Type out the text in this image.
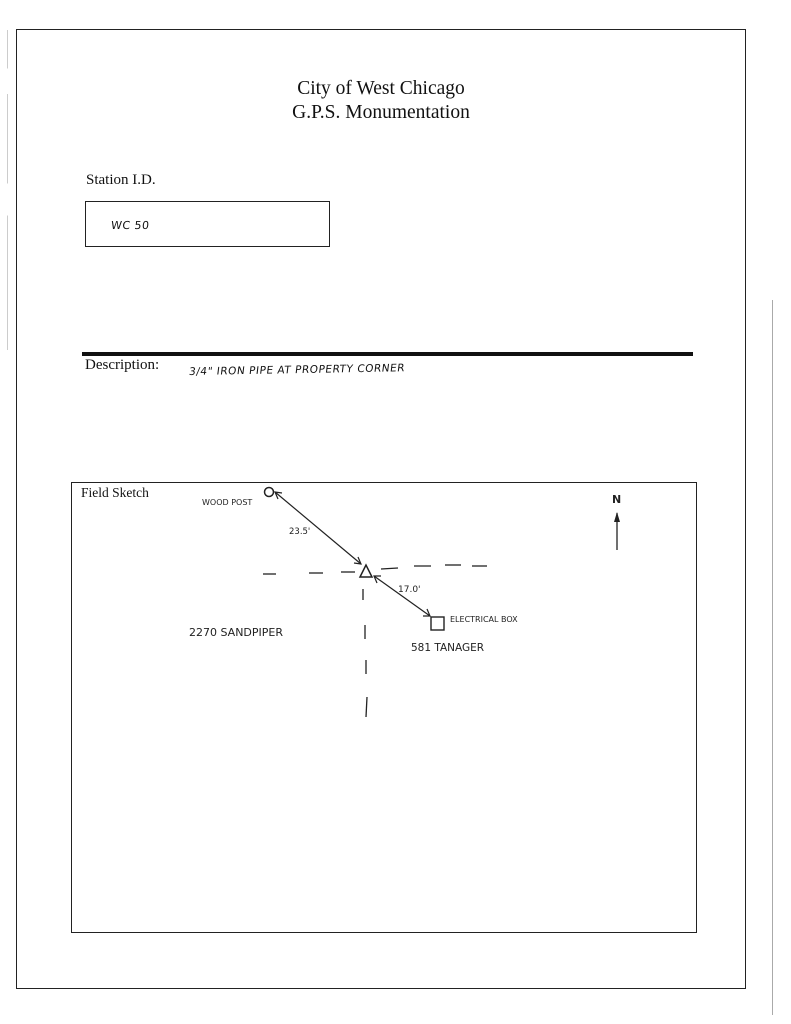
City of West Chicago
G.P.S. Monumentation
Station I.D.
WC 50
Description:	3/4" IRON PIPE AT PROPERTY CORNER
Field Sketch
WOOD POST
23.5'
17.0'
ELECTRICAL BOX
2270 SANDPIPER
581 TANAGER
N
